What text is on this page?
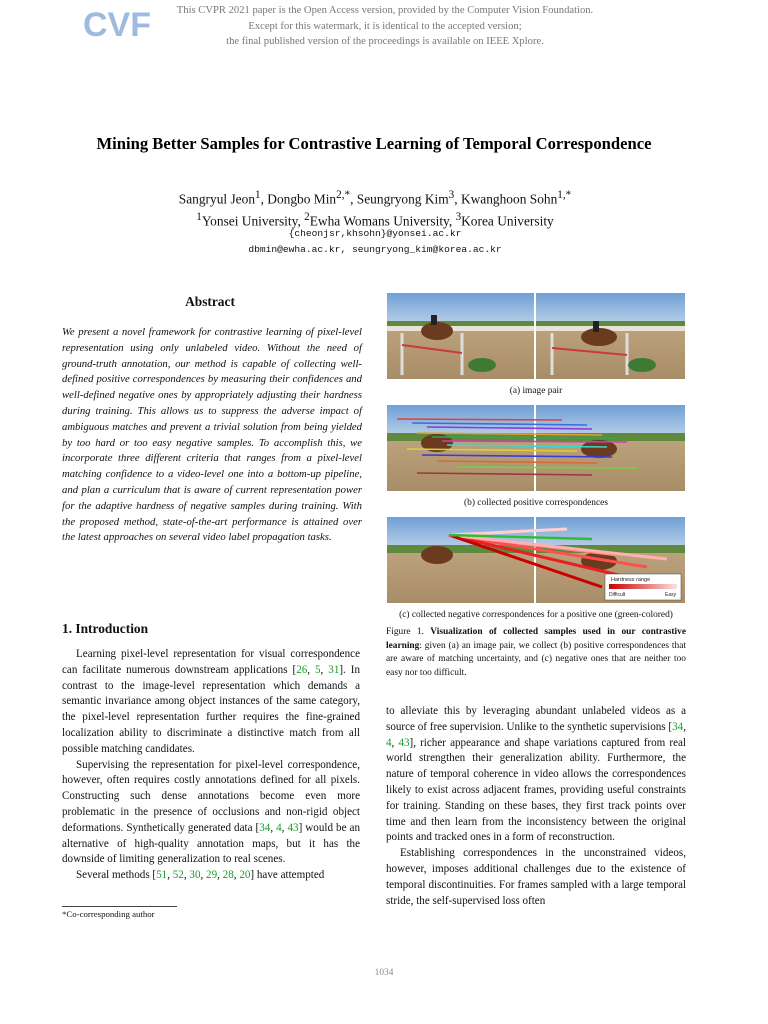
CVF	This CVPR 2021 paper is the Open Access version, provided by the Computer Vision Foundation.
Except for this watermark, it is identical to the accepted version;
the final published version of the proceedings is available on IEEE Xplore.
Mining Better Samples for Contrastive Learning of Temporal Correspondence
Sangryul Jeon$^1$, Dongbo Min$^{2,*}$, Seungryong Kim$^3$, Kwanghoon Sohn$^{1,*}$
$^1$Yonsei University, $^2$Ewha Womans University, $^3$Korea University
{cheonjsr,khsohn}@yonsei.ac.kr
dbmin@ewha.ac.kr, seungryong_kim@korea.ac.kr
Abstract
We present a novel framework for contrastive learning of pixel-level representation using only unlabeled video. Without the need of ground-truth annotation, our method is capable of collecting well-defined positive correspondences by measuring their confidences and well-defined negative ones by appropriately adjusting their hardness during training. This allows us to suppress the adverse impact of ambiguous matches and prevent a trivial solution from being yielded by too hard or too easy negative samples. To accomplish this, we incorporate three different criteria that ranges from a pixel-level matching confidence to a video-level one into a bottom-up pipeline, and plan a curriculum that is aware of current representation power for the adaptive hardness of negative samples during training. With the proposed method, state-of-the-art performance is attained over the latest approaches on several video label propagation tasks.
1. Introduction

Learning pixel-level representation for visual correspondence can facilitate numerous downstream applications [26, 5, 31]. In contrast to the image-level representation which demands a semantic invariance among object instances of the same category, the pixel-level representation further requires the fine-grained localization ability to discriminate a distinctive match from all possible matching candidates.

Supervising the representation for pixel-level correspondence, however, often requires costly annotations defined for all pixels. Constructing such dense annotations become even more problematic in the presence of occlusions and non-rigid object deformations. Synthetically generated data [34, 4, 43] would be an alternative of high-quality annotation maps, but it has the downside of limiting generalization to real scenes.

Several methods [51, 52, 30, 29, 28, 20] have attempted

*Co-corresponding author
(a) image pair
(b) collected positive correspondences
Hardness range
Difficult	Easy
(c) collected negative correspondences for a positive one (green-colored)
Figure 1. Visualization of collected samples used in our contrastive learning: given (a) an image pair, we collect (b) positive correspondences that are aware of matching uncertainty, and (c) negative ones that are neither too easy nor too difficult.

to alleviate this by leveraging abundant unlabeled videos as a source of free supervision. Unlike to the synthetic supervisions [34, 4, 43], richer appearance and shape variations captured from real world strengthen their generalization ability. Furthermore, the nature of temporal coherence in video allows the correspondences likely to exist across adjacent frames, providing useful constraints for training. Standing on these bases, they first track points over time and then learn from the inconsistency between the original points and tracked ones in a form of reconstruction.

Establishing correspondences in the unconstrained videos, however, imposes additional challenges due to the existence of temporal discontinuities. For frames sampled with a large temporal stride, the self-supervised loss often

1034
